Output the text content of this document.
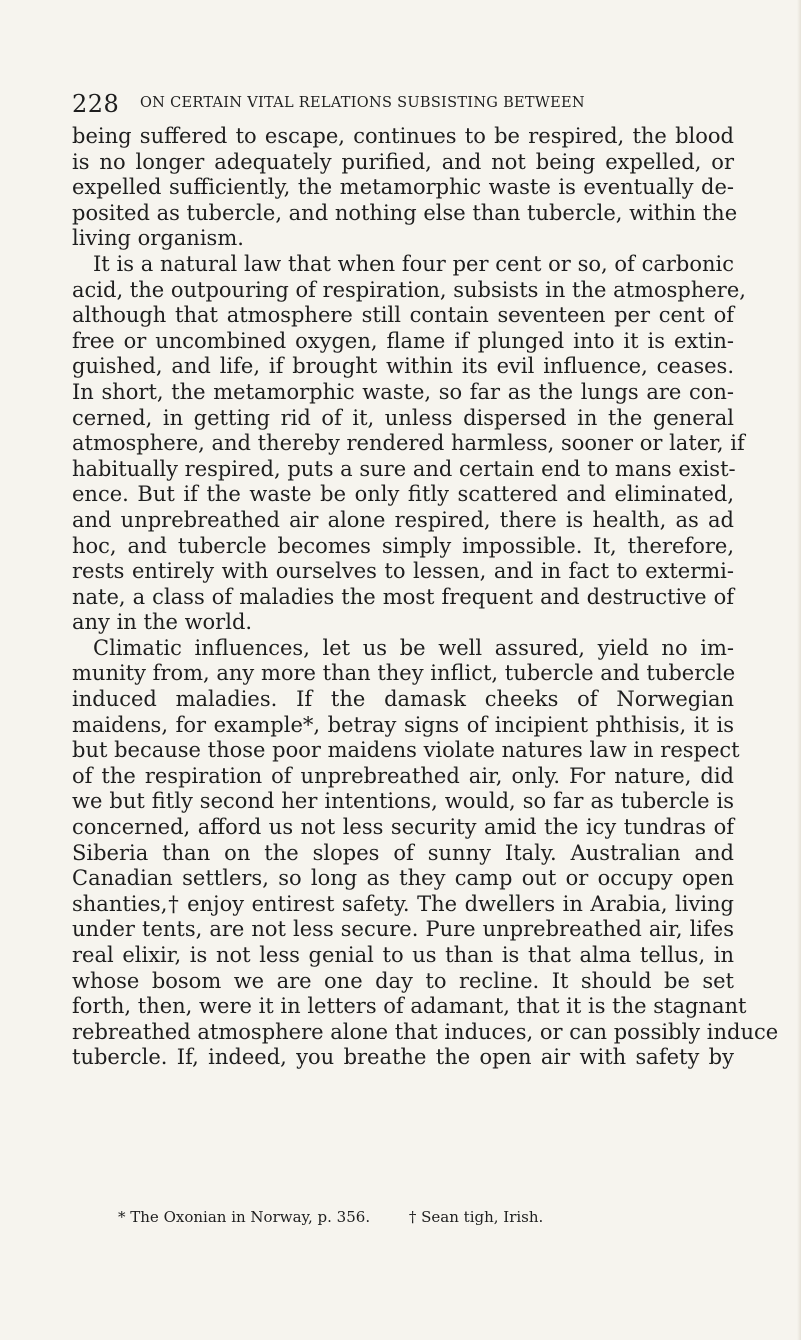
228 ON CERTAIN VITAL RELATIONS SUBSISTING BETWEEN
being suffered to escape, continues to be respired, the blood
is no longer adequately purified, and not being expelled, or
expelled sufficiently, the metamorphic waste is eventually de-
posited as tubercle, and nothing else than tubercle, within the
living organism.
It is a natural law that when four per cent or so, of carbonic
acid, the outpouring of respiration, subsists in the atmosphere,
although that atmosphere still contain seventeen per cent of
free or uncombined oxygen, flame if plunged into it is extin-
guished, and life, if brought within its evil influence, ceases.
In short, the metamorphic waste, so far as the lungs are con-
cerned, in getting rid of it, unless dispersed in the general
atmosphere, and thereby rendered harmless, sooner or later, if
habitually respired, puts a sure and certain end to mans exist-
ence. But if the waste be only fitly scattered and eliminated,
and unprebreathed air alone respired, there is health, as ad
hoc, and tubercle becomes simply impossible. It, therefore,
rests entirely with ourselves to lessen, and in fact to extermi-
nate, a class of maladies the most frequent and destructive of
any in the world.
Climatic influences, let us be well assured, yield no im-
munity from, any more than they inflict, tubercle and tubercle
induced maladies. If the damask cheeks of Norwegian
maidens, for example*, betray signs of incipient phthisis, it is
but because those poor maidens violate natures law in respect
of the respiration of unprebreathed air, only. For nature, did
we but fitly second her intentions, would, so far as tubercle is
concerned, afford us not less security amid the icy tundras of
Siberia than on the slopes of sunny Italy. Australian and
Canadian settlers, so long as they camp out or occupy open
shanties,† enjoy entirest safety. The dwellers in Arabia, living
under tents, are not less secure. Pure unprebreathed air, lifes
real elixir, is not less genial to us than is that alma tellus, in
whose bosom we are one day to recline. It should be set
forth, then, were it in letters of adamant, that it is the stagnant
rebreathed atmosphere alone that induces, or can possibly induce
tubercle. If, indeed, you breathe the open air with safety by
* The Oxonian in Norway, p. 356.	† Sean tigh, Irish.
